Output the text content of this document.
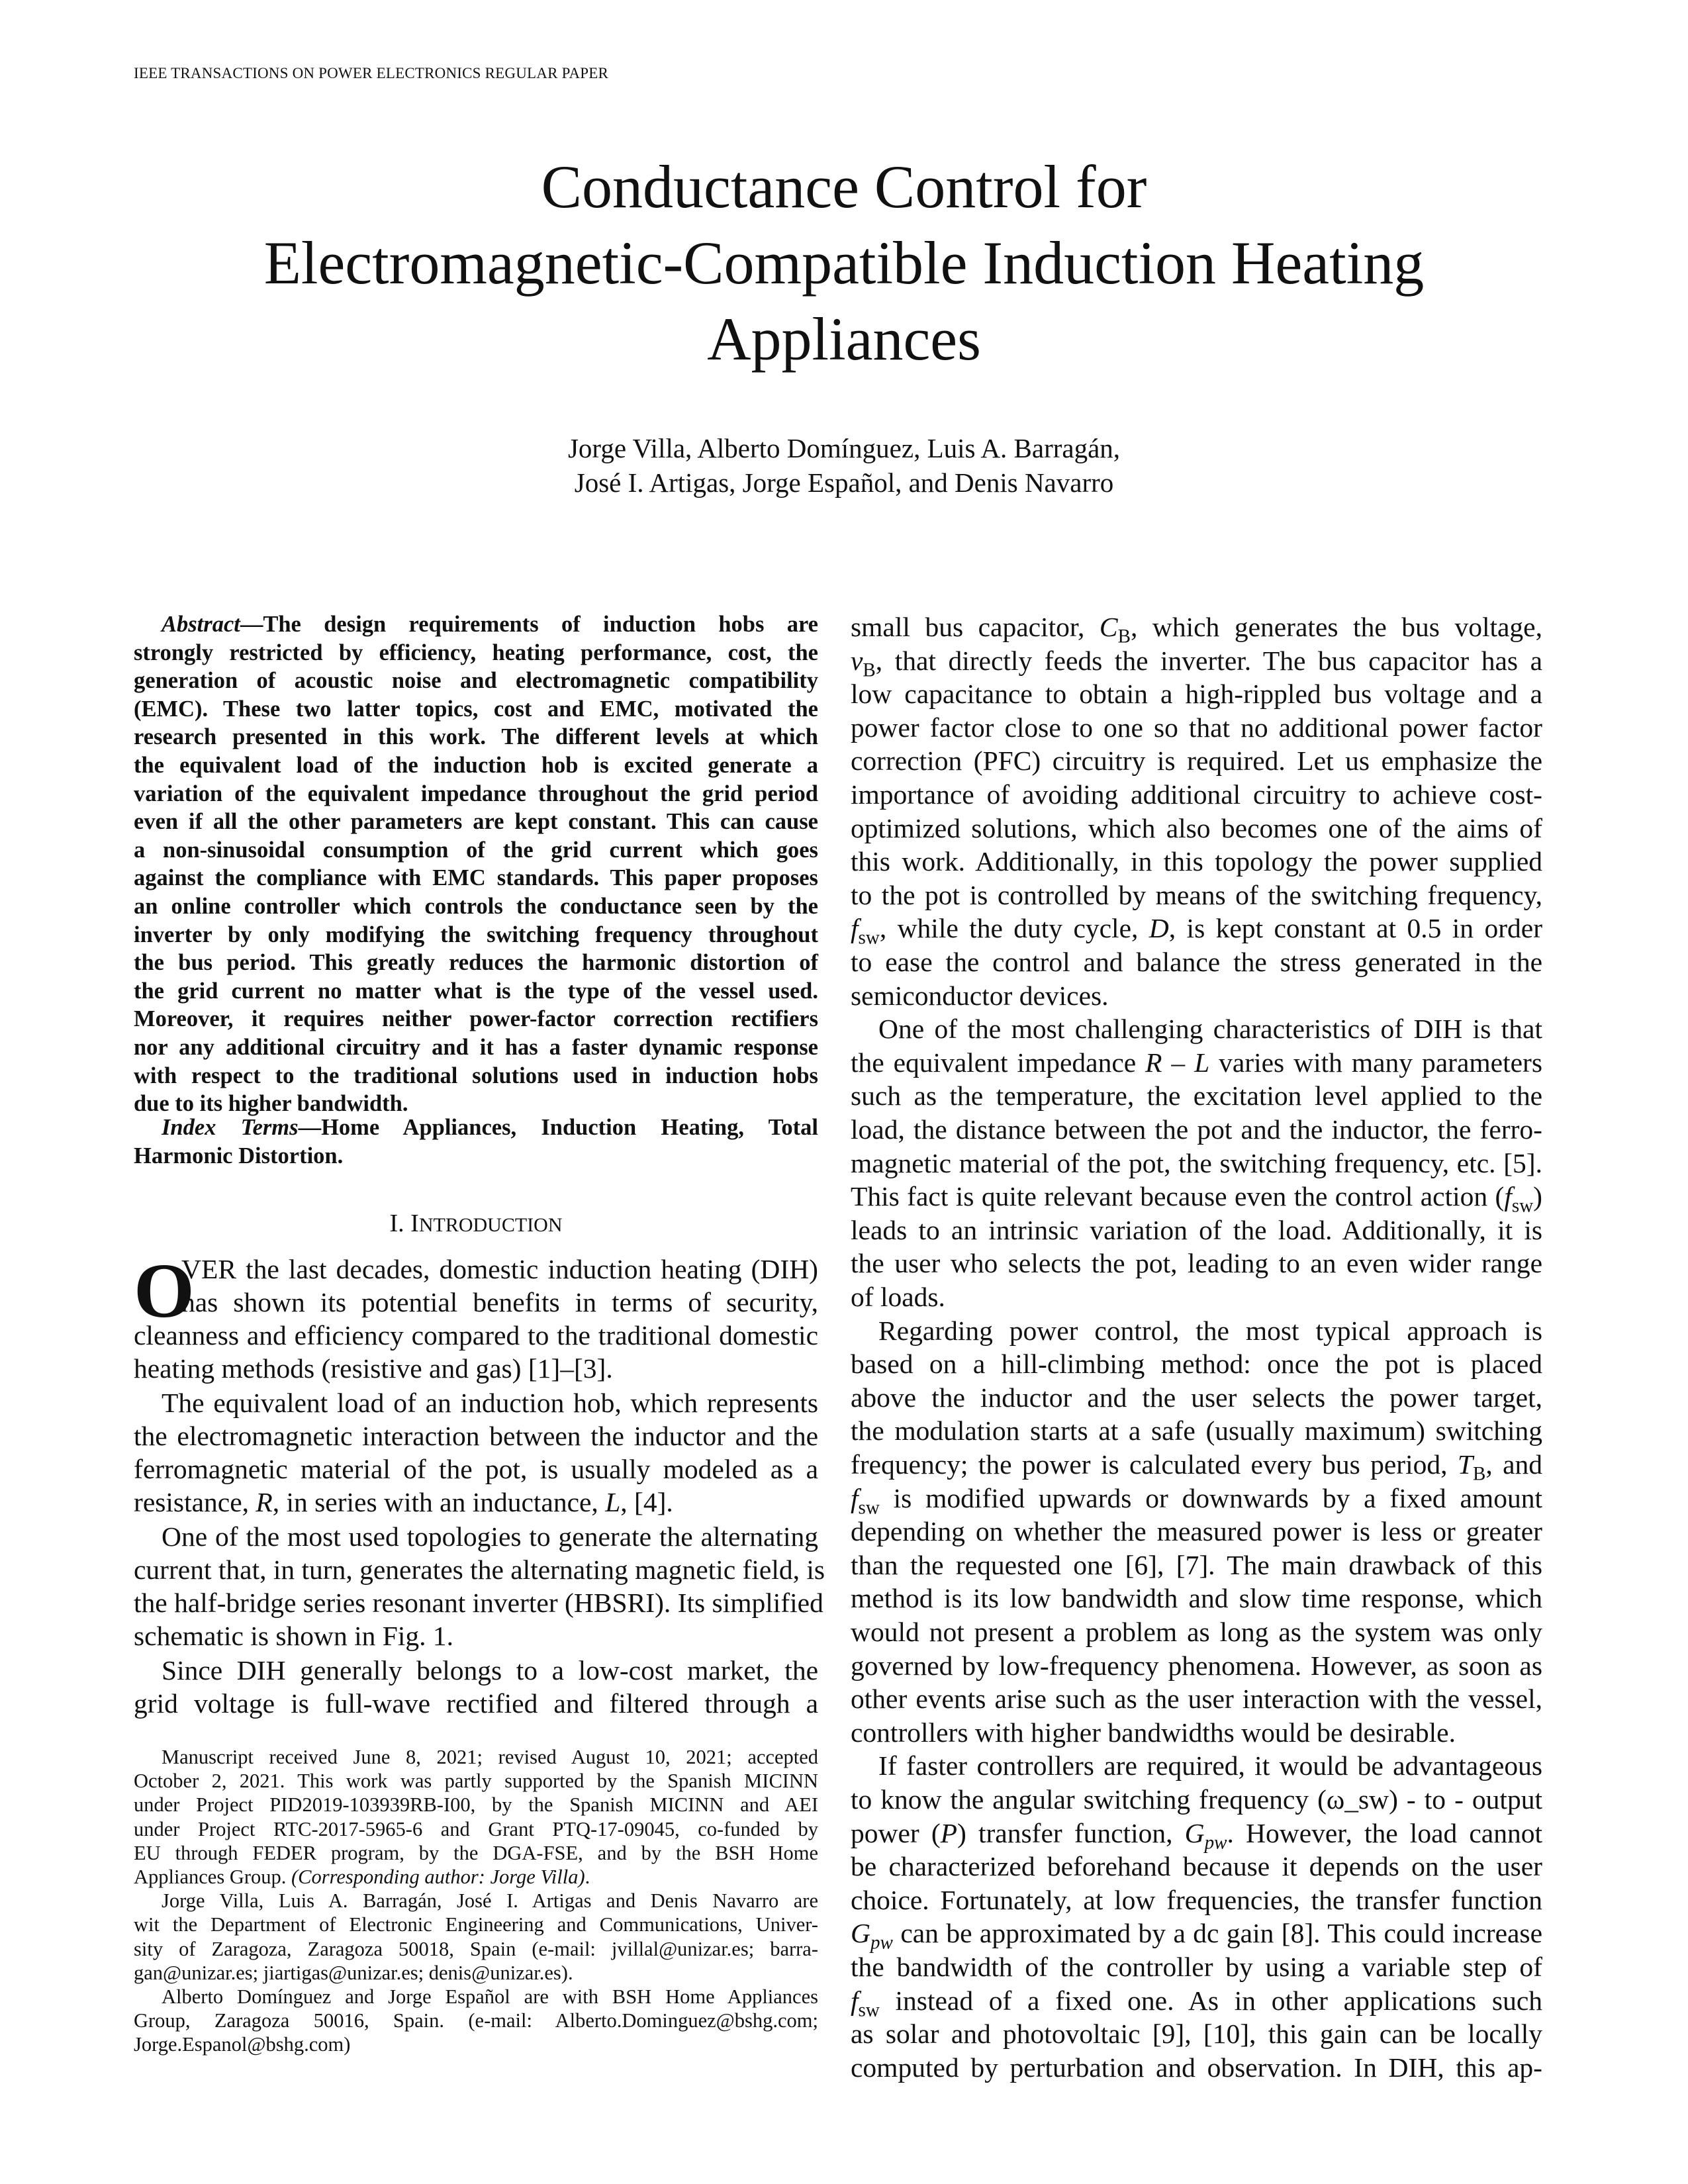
IEEE TRANSACTIONS ON POWER ELECTRONICS REGULAR PAPER
Conductance Control for
Electromagnetic-Compatible Induction Heating
Appliances
Jorge Villa, Alberto Domínguez, Luis A. Barragán,
José I. Artigas, Jorge Español, and Denis Navarro
Abstract—The design requirements of induction hobs are
strongly restricted by efficiency, heating performance, cost, the
generation of acoustic noise and electromagnetic compatibility
(EMC). These two latter topics, cost and EMC, motivated the
research presented in this work. The different levels at which
the equivalent load of the induction hob is excited generate a
variation of the equivalent impedance throughout the grid period
even if all the other parameters are kept constant. This can cause
a non-sinusoidal consumption of the grid current which goes
against the compliance with EMC standards. This paper proposes
an online controller which controls the conductance seen by the
inverter by only modifying the switching frequency throughout
the bus period. This greatly reduces the harmonic distortion of
the grid current no matter what is the type of the vessel used.
Moreover, it requires neither power-factor correction rectifiers
nor any additional circuitry and it has a faster dynamic response
with respect to the traditional solutions used in induction hobs
due to its higher bandwidth.
Index Terms—Home Appliances, Induction Heating, Total
Harmonic Distortion.
I. INTRODUCTION
O
VER the last decades, domestic induction heating (DIH)
has shown its potential benefits in terms of security,
cleanness and efficiency compared to the traditional domestic
heating methods (resistive and gas) [1]–[3].
The equivalent load of an induction hob, which represents
the electromagnetic interaction between the inductor and the
ferromagnetic material of the pot, is usually modeled as a
resistance, R, in series with an inductance, L, [4].
One of the most used topologies to generate the alternating
current that, in turn, generates the alternating magnetic field, is
the half-bridge series resonant inverter (HBSRI). Its simplified
schematic is shown in Fig. 1.
Since DIH generally belongs to a low-cost market, the
grid voltage is full-wave rectified and filtered through a
Manuscript received June 8, 2021; revised August 10, 2021; accepted
October 2, 2021. This work was partly supported by the Spanish MICINN
under Project PID2019-103939RB-I00, by the Spanish MICINN and AEI
under Project RTC-2017-5965-6 and Grant PTQ-17-09045, co-funded by
EU through FEDER program, by the DGA-FSE, and by the BSH Home
Appliances Group. (Corresponding author: Jorge Villa).
Jorge Villa, Luis A. Barragán, José I. Artigas and Denis Navarro are
wit the Department of Electronic Engineering and Communications, Univer-
sity of Zaragoza, Zaragoza 50018, Spain (e-mail: jvillal@unizar.es; barra-
gan@unizar.es; jiartigas@unizar.es; denis@unizar.es).
Alberto Domínguez and Jorge Español are with BSH Home Appliances
Group, Zaragoza 50016, Spain. (e-mail: Alberto.Dominguez@bshg.com;
Jorge.Espanol@bshg.com)
small bus capacitor, $C_B$, which generates the bus voltage,
$v_B$, that directly feeds the inverter. The bus capacitor has a
low capacitance to obtain a high-rippled bus voltage and a
power factor close to one so that no additional power factor
correction (PFC) circuitry is required. Let us emphasize the
importance of avoiding additional circuitry to achieve cost-
optimized solutions, which also becomes one of the aims of
this work. Additionally, in this topology the power supplied
to the pot is controlled by means of the switching frequency,
$f_{sw}$, while the duty cycle, D, is kept constant at 0.5 in order
to ease the control and balance the stress generated in the
semiconductor devices.
One of the most challenging characteristics of DIH is that
the equivalent impedance R – L varies with many parameters
such as the temperature, the excitation level applied to the
load, the distance between the pot and the inductor, the ferro-
magnetic material of the pot, the switching frequency, etc. [5].
This fact is quite relevant because even the control action $(f_{sw})$
leads to an intrinsic variation of the load. Additionally, it is
the user who selects the pot, leading to an even wider range
of loads.
Regarding power control, the most typical approach is
based on a hill-climbing method: once the pot is placed
above the inductor and the user selects the power target,
the modulation starts at a safe (usually maximum) switching
frequency; the power is calculated every bus period, $T_B$, and
$f_{sw}$ is modified upwards or downwards by a fixed amount
depending on whether the measured power is less or greater
than the requested one [6], [7]. The main drawback of this
method is its low bandwidth and slow time response, which
would not present a problem as long as the system was only
governed by low-frequency phenomena. However, as soon as
other events arise such as the user interaction with the vessel,
controllers with higher bandwidths would be desirable.
If faster controllers are required, it would be advantageous
to know the angular switching frequency (ω_sw) - to - output
power (P) transfer function, $G_{pw}$. However, the load cannot
be characterized beforehand because it depends on the user
choice. Fortunately, at low frequencies, the transfer function
$G_{pw}$ can be approximated by a dc gain [8]. This could increase
the bandwidth of the controller by using a variable step of
$f_{sw}$ instead of a fixed one. As in other applications such
as solar and photovoltaic [9], [10], this gain can be locally
computed by perturbation and observation. In DIH, this ap-
